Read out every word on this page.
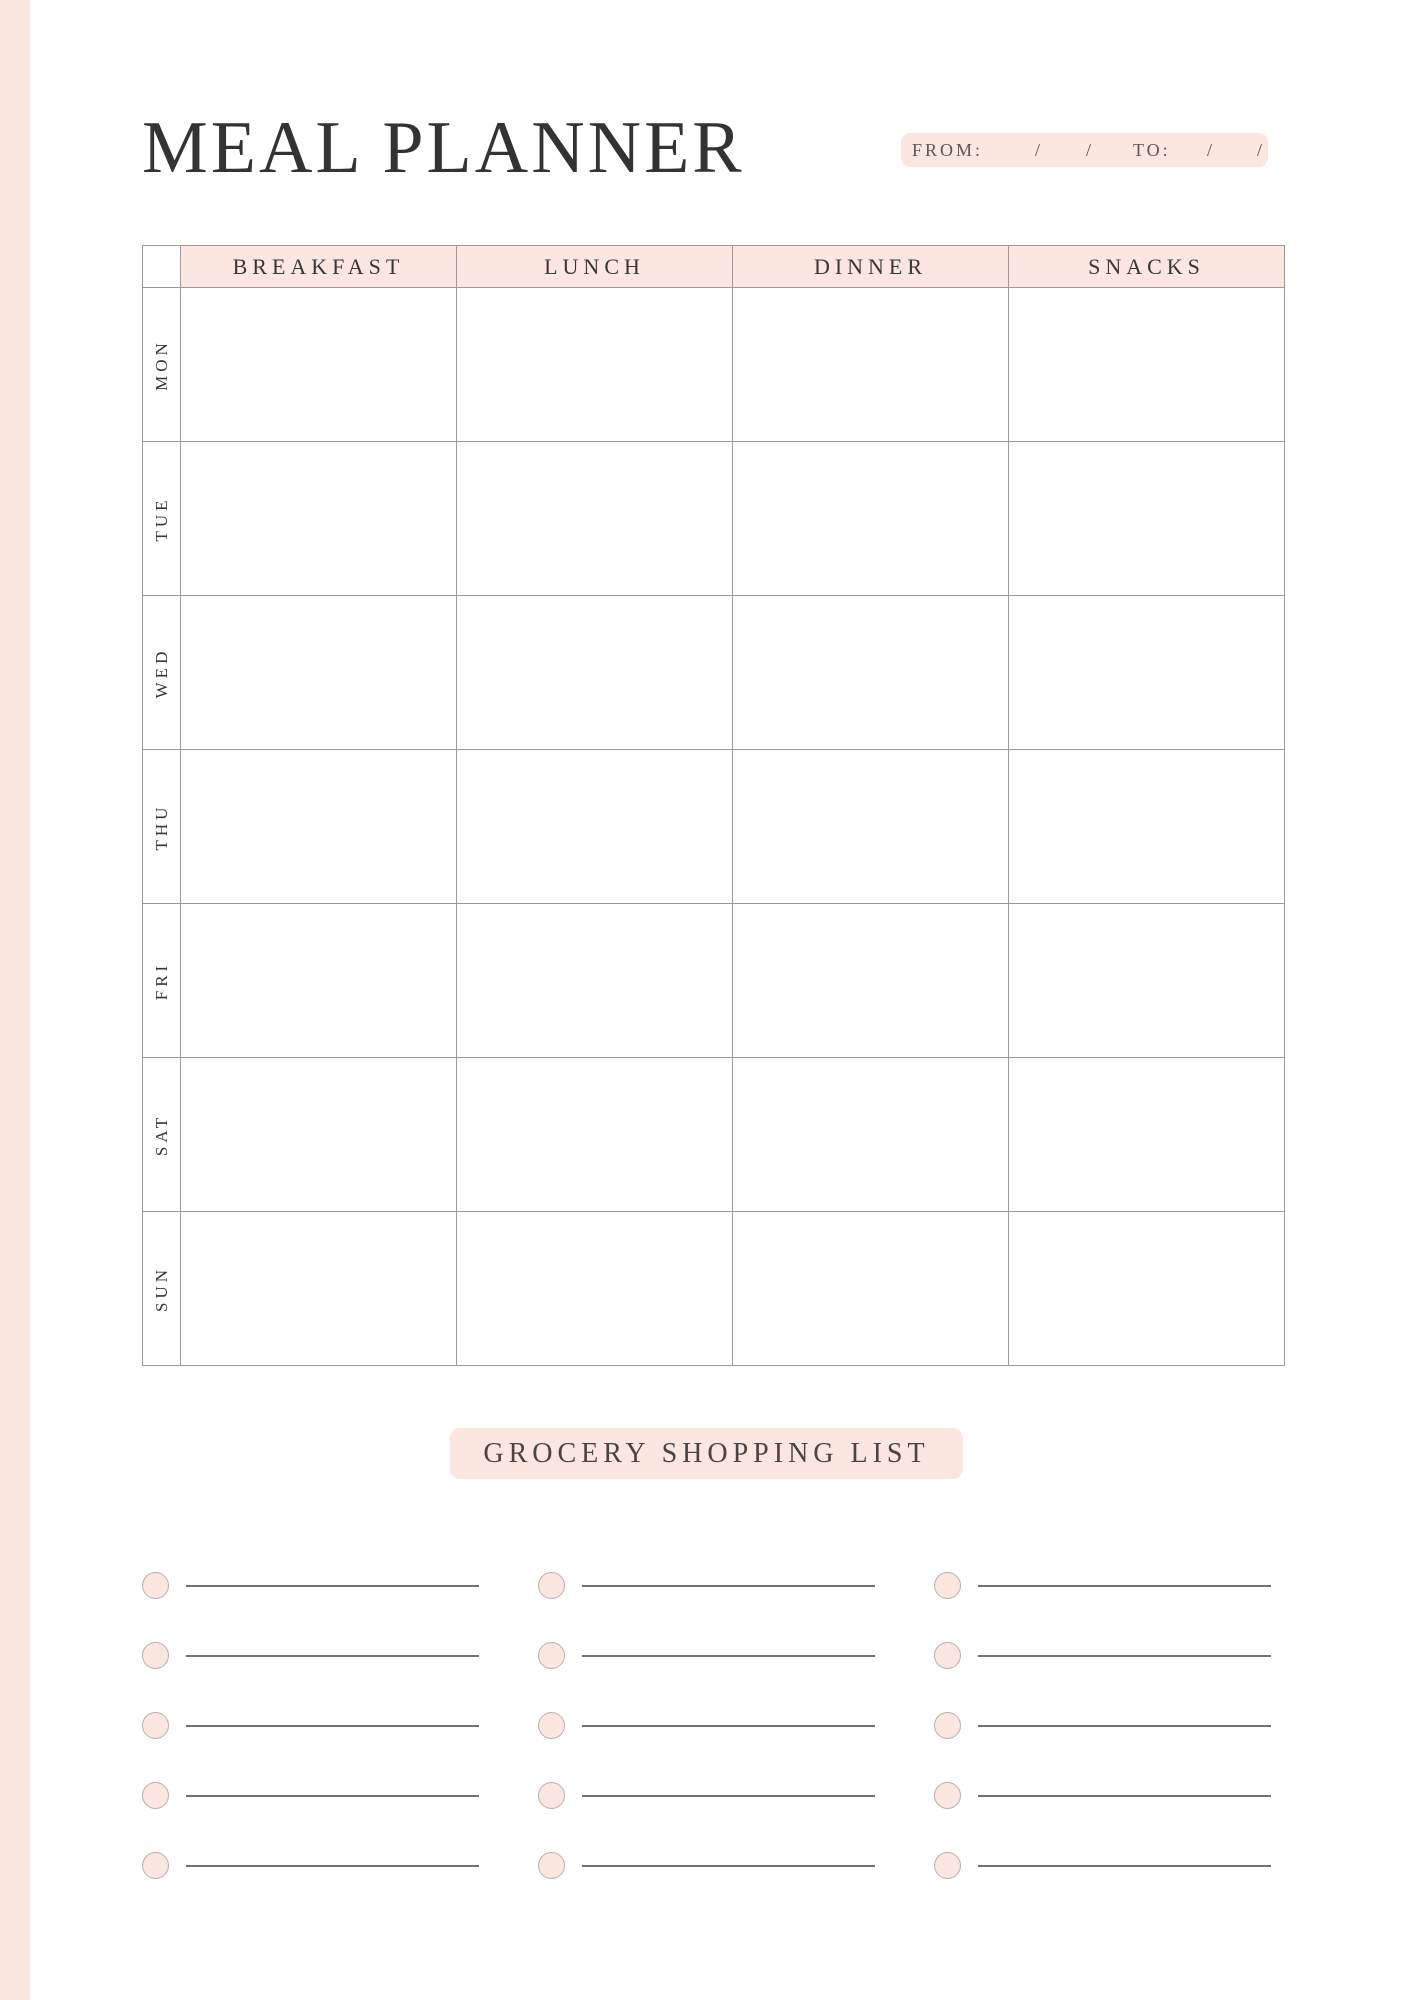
MEAL PLANNER	FROM:	/ / TO: / /
	BREAKFAST	LUNCH	DINNER	SNACKS

MON				

TUE				

WED				

THU				

FRI				

SAT				

SUN				

GROCERY SHOPPING LIST
